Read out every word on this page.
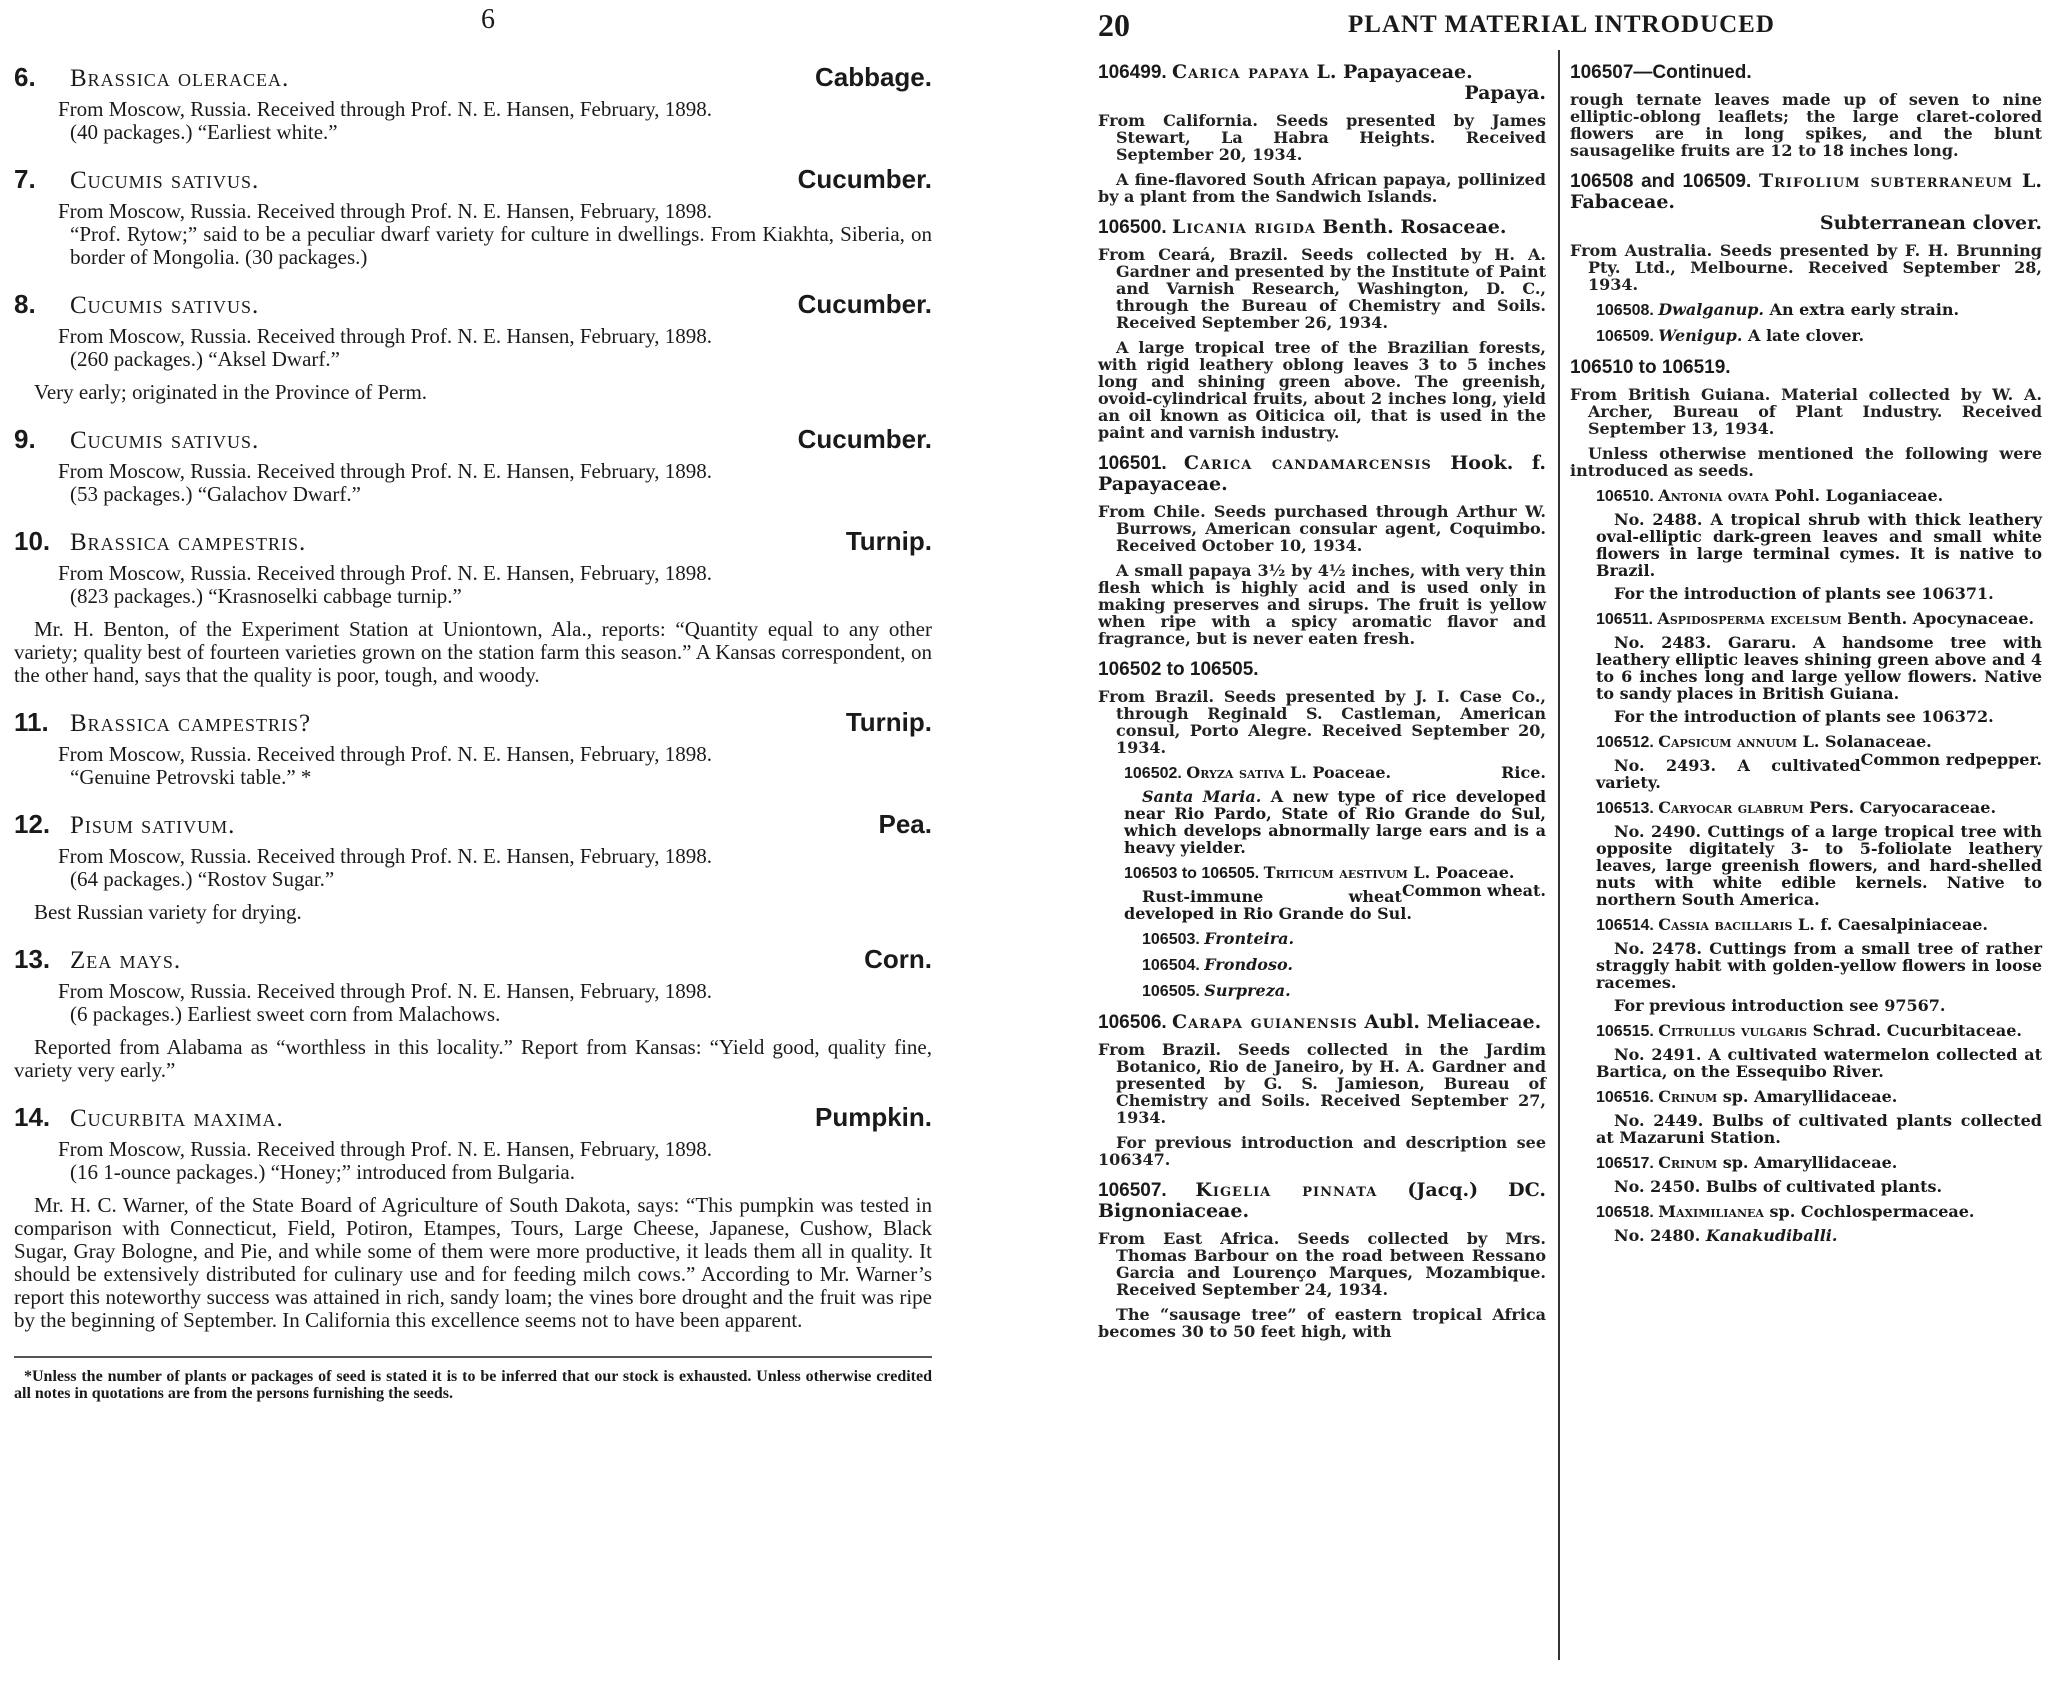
6
6. Brassica oleracea.	Cabbage.
From Moscow, Russia. Received through Prof. N. E. Hansen, February, 1898.
(40 packages.) “Earliest white.”
7. Cucumis sativus.	Cucumber.
From Moscow, Russia. Received through Prof. N. E. Hansen, February, 1898.
“Prof. Rytow;” said to be a peculiar dwarf variety for culture in dwellings. From Kiakhta, Siberia, on border of Mongolia. (30 packages.)
8. Cucumis sativus.	Cucumber.
From Moscow, Russia. Received through Prof. N. E. Hansen, February, 1898.
(260 packages.) “Aksel Dwarf.”
Very early; originated in the Province of Perm.
9. Cucumis sativus.	Cucumber.
From Moscow, Russia. Received through Prof. N. E. Hansen, February, 1898.
(53 packages.) “Galachov Dwarf.”
10. Brassica campestris.	Turnip.
From Moscow, Russia. Received through Prof. N. E. Hansen, February, 1898.
(823 packages.) “Krasnoselki cabbage turnip.”
Mr. H. Benton, of the Experiment Station at Uniontown, Ala., reports: “Quantity equal to any other variety; quality best of fourteen varieties grown on the station farm this season.” A Kansas correspondent, on the other hand, says that the quality is poor, tough, and woody.
11. Brassica campestris?	Turnip.
From Moscow, Russia. Received through Prof. N. E. Hansen, February, 1898.
“Genuine Petrovski table.” *
12. Pisum sativum.	Pea.
From Moscow, Russia. Received through Prof. N. E. Hansen, February, 1898.
(64 packages.) “Rostov Sugar.”
Best Russian variety for drying.
13. Zea mays.	Corn.
From Moscow, Russia. Received through Prof. N. E. Hansen, February, 1898.
(6 packages.) Earliest sweet corn from Malachows.
Reported from Alabama as “worthless in this locality.” Report from Kansas: “Yield good, quality fine, variety very early.”
14. Cucurbita maxima.	Pumpkin.
From Moscow, Russia. Received through Prof. N. E. Hansen, February, 1898.
(16 1-ounce packages.) “Honey;” introduced from Bulgaria.
Mr. H. C. Warner, of the State Board of Agriculture of South Dakota, says: “This pumpkin was tested in comparison with Connecticut, Field, Potiron, Etampes, Tours, Large Cheese, Japanese, Cushow, Black Sugar, Gray Bologne, and Pie, and while some of them were more productive, it leads them all in quality. It should be extensively distributed for culinary use and for feeding milch cows.” According to Mr. Warner’s report this noteworthy success was attained in rich, sandy loam; the vines bore drought and the fruit was ripe by the beginning of September. In California this excellence seems not to have been apparent.
*Unless the number of plants or packages of seed is stated it is to be inferred that our stock is exhausted. Unless otherwise credited all notes in quotations are from the persons furnishing the seeds.
20	PLANT MATERIAL INTRODUCED
106499. Carica papaya L. Papayaceae.
Papaya.
From California. Seeds presented by James Stewart, La Habra Heights. Received September 20, 1934.
A fine-flavored South African papaya, pollinized by a plant from the Sandwich Islands.
106500. Licania rigida Benth. Rosaceae.
From Ceará, Brazil. Seeds collected by H. A. Gardner and presented by the Institute of Paint and Varnish Research, Washington, D. C., through the Bureau of Chemistry and Soils. Received September 26, 1934.
A large tropical tree of the Brazilian forests, with rigid leathery oblong leaves 3 to 5 inches long and shining green above. The greenish, ovoid-cylindrical fruits, about 2 inches long, yield an oil known as Oiticica oil, that is used in the paint and varnish industry.
106501. Carica candamarcensis Hook. f. Papayaceae.
From Chile. Seeds purchased through Arthur W. Burrows, American consular agent, Coquimbo. Received October 10, 1934.
A small papaya 3½ by 4½ inches, with very thin flesh which is highly acid and is used only in making preserves and sirups. The fruit is yellow when ripe with a spicy aromatic flavor and fragrance, but is never eaten fresh.
106502 to 106505.
From Brazil. Seeds presented by J. I. Case Co., through Reginald S. Castleman, American consul, Porto Alegre. Received September 20, 1934.
106502. Oryza sativa L. Poaceae.	Rice.
Santa Maria. A new type of rice developed near Rio Pardo, State of Rio Grande do Sul, which develops abnormally large ears and is a heavy yielder.
106503 to 106505. Triticum aestivum L. Poaceae.
Common wheat.
Rust-immune wheat developed in Rio Grande do Sul.
106503. Fronteira.
106504. Frondoso.
106505. Surpreza.
106506. Carapa guianensis Aubl. Meliaceae.
From Brazil. Seeds collected in the Jardim Botanico, Rio de Janeiro, by H. A. Gardner and presented by G. S. Jamieson, Bureau of Chemistry and Soils. Received September 27, 1934.
For previous introduction and description see 106347.
106507. Kigelia pinnata (Jacq.) DC. Bignoniaceae.
From East Africa. Seeds collected by Mrs. Thomas Barbour on the road between Ressano Garcia and Lourenço Marques, Mozambique. Received September 24, 1934.
The “sausage tree” of eastern tropical Africa becomes 30 to 50 feet high, with
106507—Continued.
rough ternate leaves made up of seven to nine elliptic-oblong leaflets; the large claret-colored flowers are in long spikes, and the blunt sausagelike fruits are 12 to 18 inches long.
106508 and 106509. Trifolium subterraneum L. Fabaceae.
Subterranean clover.
From Australia. Seeds presented by F. H. Brunning Pty. Ltd., Melbourne. Received September 28, 1934.
106508. Dwalganup. An extra early strain.
106509. Wenigup. A late clover.
106510 to 106519.
From British Guiana. Material collected by W. A. Archer, Bureau of Plant Industry. Received September 13, 1934.
Unless otherwise mentioned the following were introduced as seeds.
106510. Antonia ovata Pohl. Loganiaceae.
No. 2488. A tropical shrub with thick leathery oval-elliptic dark-green leaves and small white flowers in large terminal cymes. It is native to Brazil.
For the introduction of plants see 106371.
106511. Aspidosperma excelsum Benth. Apocynaceae.
No. 2483. Gararu. A handsome tree with leathery elliptic leaves shining green above and 4 to 6 inches long and large yellow flowers. Native to sandy places in British Guiana.
For the introduction of plants see 106372.
106512. Capsicum annuum L. Solanaceae.
Common redpepper.
No. 2493. A cultivated variety.
106513. Caryocar glabrum Pers. Caryocaraceae.
No. 2490. Cuttings of a large tropical tree with opposite digitately 3- to 5-foliolate leathery leaves, large greenish flowers, and hard-shelled nuts with white edible kernels. Native to northern South America.
106514. Cassia bacillaris L. f. Caesalpiniaceae.
No. 2478. Cuttings from a small tree of rather straggly habit with golden-yellow flowers in loose racemes.
For previous introduction see 97567.
106515. Citrullus vulgaris Schrad. Cucurbitaceae.
No. 2491. A cultivated watermelon collected at Bartica, on the Essequibo River.
106516. Crinum sp. Amaryllidaceae.
No. 2449. Bulbs of cultivated plants collected at Mazaruni Station.
106517. Crinum sp. Amaryllidaceae.
No. 2450. Bulbs of cultivated plants.
106518. Maximilianea sp. Cochlospermaceae.
No. 2480. Kanakudiballi.
